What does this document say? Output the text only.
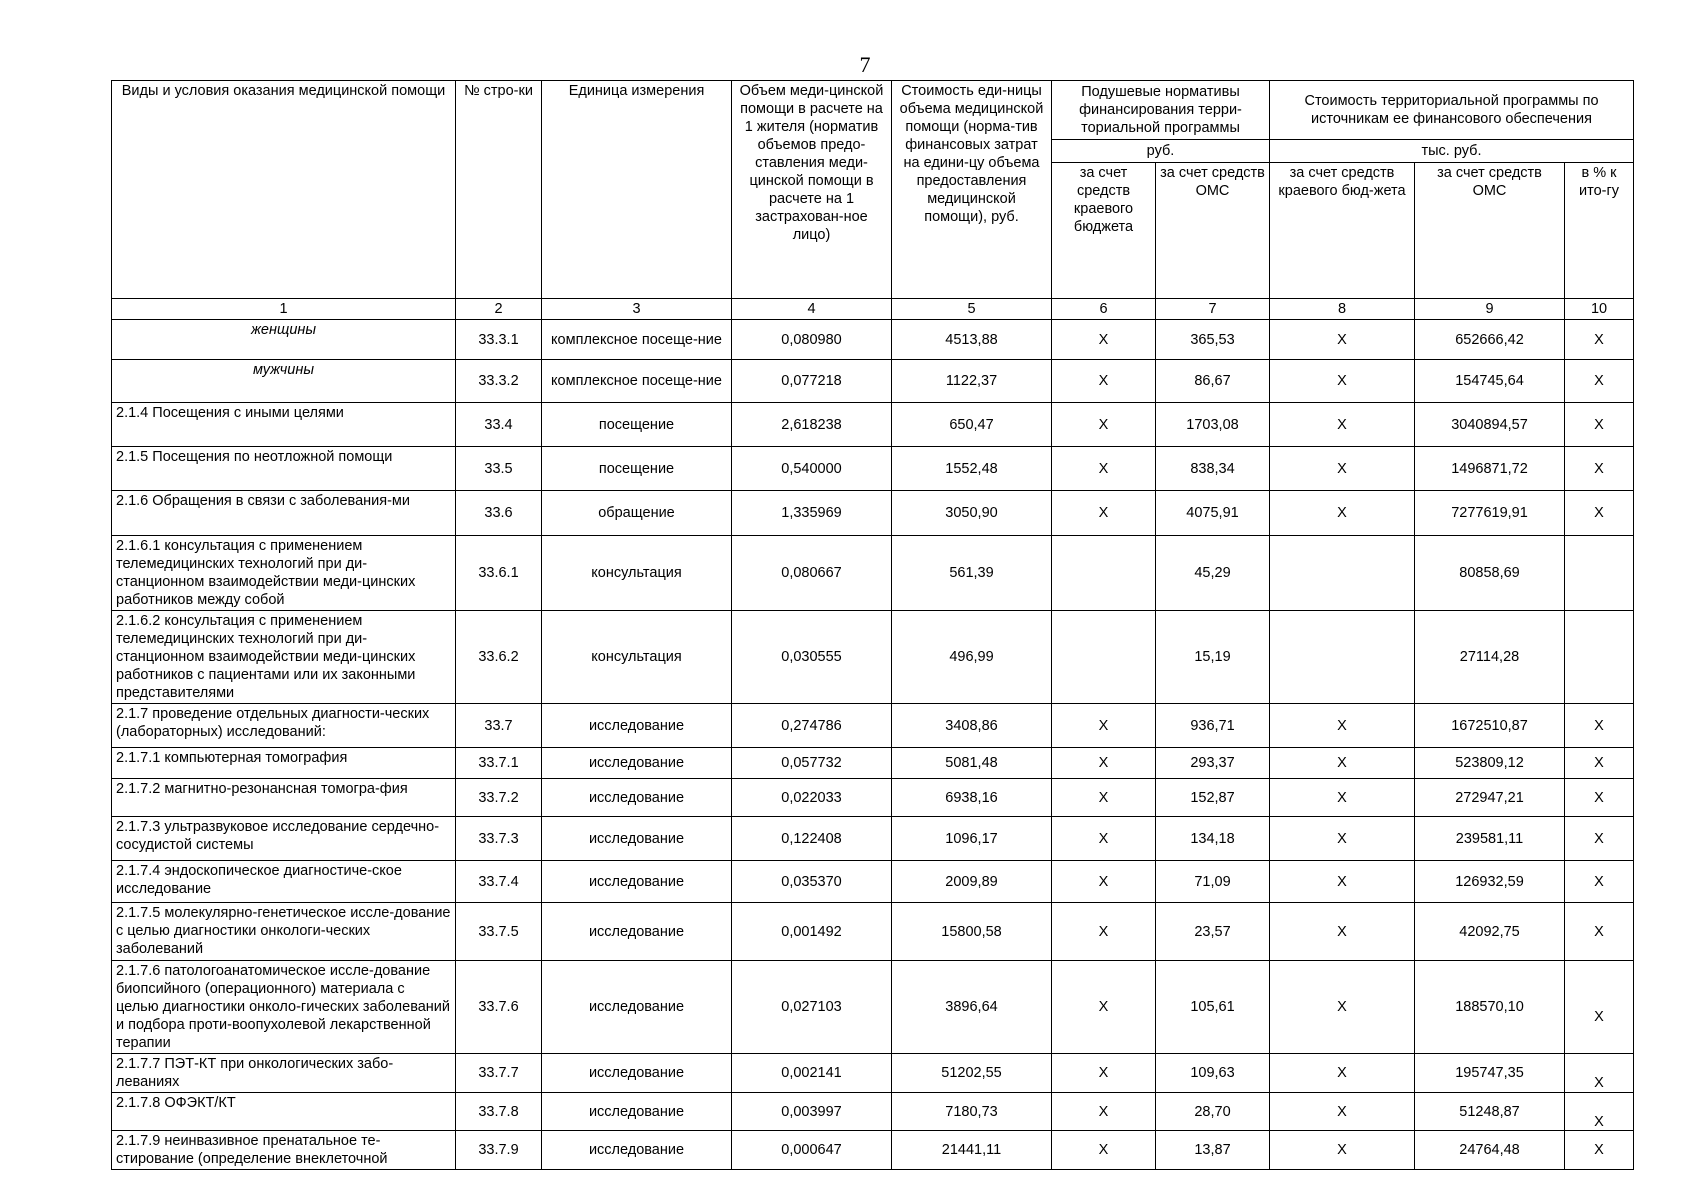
7
Виды и условия оказания медицинской помощи	№ стро-ки	Единица измерения	Объем меди-цинской помощи в расчете на 1 жителя (норматив объемов предо-ставления меди-цинской помощи в расчете на 1 застрахован-ное лицо)	Стоимость еди-ницы объема медицинской помощи (норма-тив финансовых затрат на едини-цу объема предоставления медицинской помощи), руб.	Подушевые нормативы финансирования терри-ториальной программы		Стоимость территориальной программы по источникам ее финансового обеспечения		
					руб.		тыс. руб.		
					за счет средств краевого бюджета	за счет средств ОМС	за счет средств краевого бюд-жета	за счет средств ОМС	в % к ито-гу
1	2	3	4	5	6	7	8	9	10
женщины	33.3.1	комплексное посеще-ние	0,080980	4513,88	Х	365,53	Х	652666,42	Х
мужчины	33.3.2	комплексное посеще-ние	0,077218	1122,37	Х	86,67	Х	154745,64	Х
2.1.4 Посещения с иными целями	33.4	посещение	2,618238	650,47	Х	1703,08	Х	3040894,57	Х
2.1.5 Посещения по неотложной помощи	33.5	посещение	0,540000	1552,48	Х	838,34	Х	1496871,72	Х
2.1.6 Обращения в связи с заболевания-ми	33.6	обращение	1,335969	3050,90	Х	4075,91	Х	7277619,91	Х
2.1.6.1 консультация с применением телемедицинских технологий при ди-станционном взаимодействии меди-цинских работников между собой	33.6.1	консультация	0,080667	561,39		45,29		80858,69	
2.1.6.2 консультация с применением телемедицинских технологий при ди-станционном взаимодействии меди-цинских работников с пациентами или их законными представителями	33.6.2	консультация	0,030555	496,99		15,19		27114,28	
2.1.7 проведение отдельных диагности-ческих (лабораторных) исследований:	33.7	исследование	0,274786	3408,86	Х	936,71	Х	1672510,87	Х
2.1.7.1 компьютерная томография	33.7.1	исследование	0,057732	5081,48	Х	293,37	Х	523809,12	Х
2.1.7.2 магнитно-резонансная томогра-фия	33.7.2	исследование	0,022033	6938,16	Х	152,87	Х	272947,21	Х
2.1.7.3 ультразвуковое исследование сердечно-сосудистой системы	33.7.3	исследование	0,122408	1096,17	Х	134,18	Х	239581,11	Х
2.1.7.4 эндоскопическое диагностиче-ское исследование	33.7.4	исследование	0,035370	2009,89	Х	71,09	Х	126932,59	Х
2.1.7.5 молекулярно-генетическое иссле-дование с целью диагностики онкологи-ческих заболеваний	33.7.5	исследование	0,001492	15800,58	Х	23,57	Х	42092,75	Х
2.1.7.6 патологоанатомическое иссле-дование биопсийного (операционного) материала с целью диагностики онколо-гических заболеваний и подбора проти-воопухолевой лекарственной терапии	33.7.6	исследование	0,027103	3896,64	Х	105,61	Х	188570,10	Х
2.1.7.7 ПЭТ-КТ при онкологических забо-леваниях	33.7.7	исследование	0,002141	51202,55	Х	109,63	Х	195747,35	Х
2.1.7.8 ОФЭКТ/КТ	33.7.8	исследование	0,003997	7180,73	Х	28,70	Х	51248,87	Х
2.1.7.9 неинвазивное пренатальное те-стирование (определение внеклеточной	33.7.9	исследование	0,000647	21441,11	Х	13,87	Х	24764,48	Х
